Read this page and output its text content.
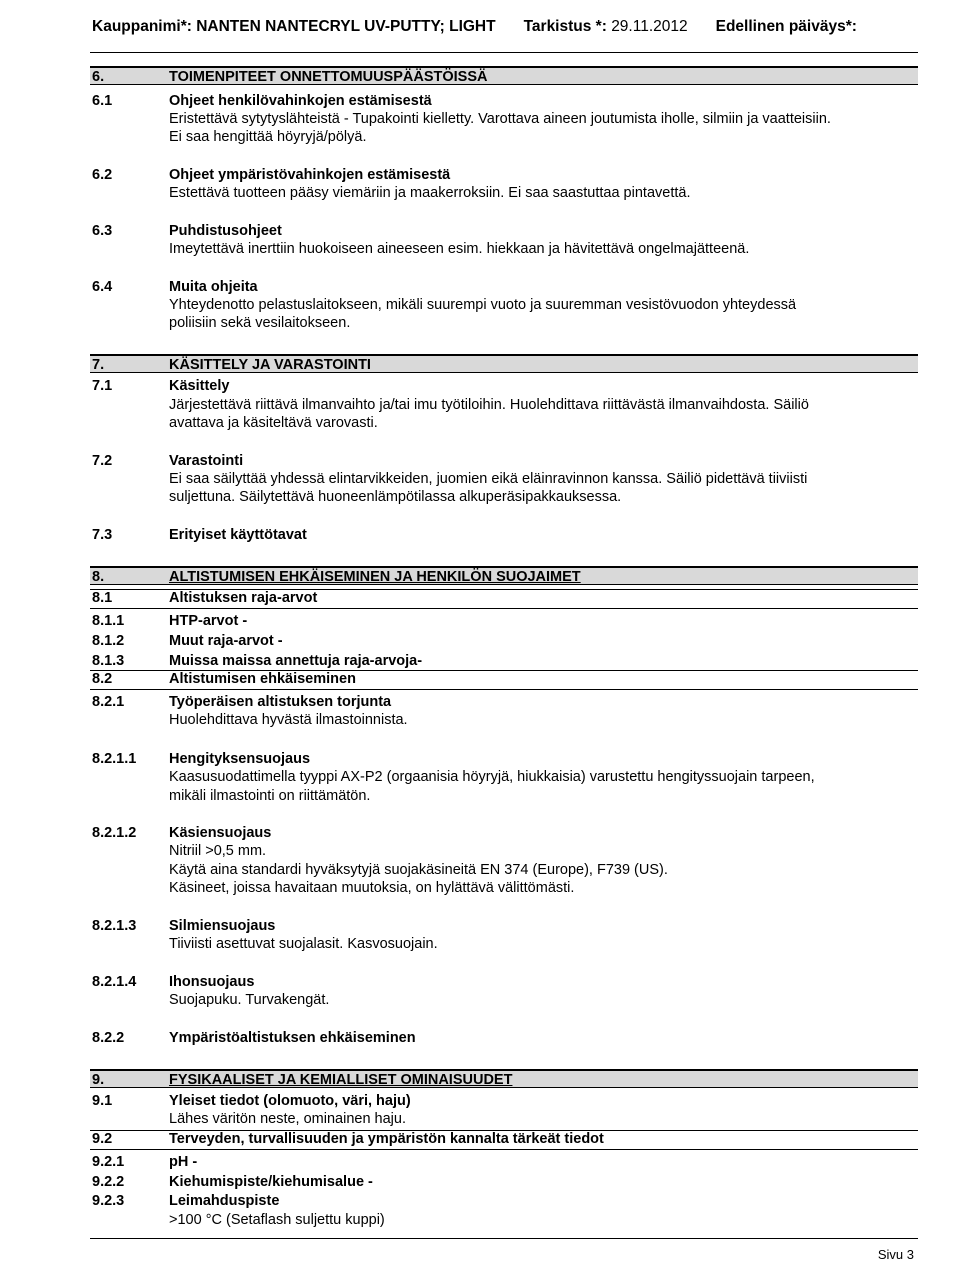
Kauppanimi*: NANTEN NANTECRYL UV-PUTTY; LIGHT Tarkistus *: 29.11.2012 Edellinen päiväys*:
6.	TOIMENPITEET ONNETTOMUUSPÄÄSTÖISSÄ
6.1	Ohjeet henkilövahinkojen estämisestä
Eristettävä sytytyslähteistä - Tupakointi kielletty. Varottava aineen joutumista iholle, silmiin ja vaatteisiin.
Ei saa hengittää höyryjä/pölyä.
6.2	Ohjeet ympäristövahinkojen estämisestä
Estettävä tuotteen pääsy viemäriin ja maakerroksiin. Ei saa saastuttaa pintavettä.
6.3	Puhdistusohjeet
Imeytettävä inerttiin huokoiseen aineeseen esim. hiekkaan ja hävitettävä ongelmajätteenä.
6.4	Muita ohjeita
Yhteydenotto pelastuslaitokseen, mikäli suurempi vuoto ja suuremman vesistövuodon yhteydessä
poliisiin sekä vesilaitokseen.
7.	KÄSITTELY JA VARASTOINTI
7.1	Käsittely
Järjestettävä riittävä ilmanvaihto ja/tai imu työtiloihin. Huolehdittava riittävästä ilmanvaihdosta. Säiliö
avattava ja käsiteltävä varovasti.
7.2	Varastointi
Ei saa säilyttää yhdessä elintarvikkeiden, juomien eikä eläinravinnon kanssa. Säiliö pidettävä tiiviisti
suljettuna. Säilytettävä huoneenlämpötilassa alkuperäsipakkauksessa.
7.3	Erityiset käyttötavat
8.	ALTISTUMISEN EHKÄISEMINEN JA HENKILÖN SUOJAIMET
8.1	Altistuksen raja-arvot
8.1.1	HTP-arvot -
8.1.2	Muut raja-arvot -
8.1.3	Muissa maissa annettuja raja-arvoja-
8.2	Altistumisen ehkäiseminen
8.2.1	Työperäisen altistuksen torjunta
Huolehdittava hyvästä ilmastoinnista.
8.2.1.1 Hengityksensuojaus
Kaasusuodattimella tyyppi AX-P2 (orgaanisia höyryjä, hiukkaisia) varustettu hengityssuojain tarpeen,
mikäli ilmastointi on riittämätön.
8.2.1.2 Käsiensuojaus
Nitriil >0,5 mm.
Käytä aina standardi hyväksytyjä suojakäsineitä EN 374 (Europe), F739 (US).
Käsineet, joissa havaitaan muutoksia, on hylättävä välittömästi.
8.2.1.3 Silmiensuojaus
Tiiviisti asettuvat suojalasit. Kasvosuojain.
8.2.1.4 Ihonsuojaus
Suojapuku. Turvakengät.
8.2.2	Ympäristöaltistuksen ehkäiseminen
9.	FYSIKAALISET JA KEMIALLISET OMINAISUUDET
9.1	Yleiset tiedot (olomuoto, väri, haju)
Lähes väritön neste, ominainen haju.
9.2	Terveyden, turvallisuuden ja ympäristön kannalta tärkeät tiedot
9.2.1	pH -
9.2.2	Kiehumispiste/kiehumisalue -
9.2.3	Leimahduspiste
>100 °C (Setaflash suljettu kuppi)
Sivu 3
